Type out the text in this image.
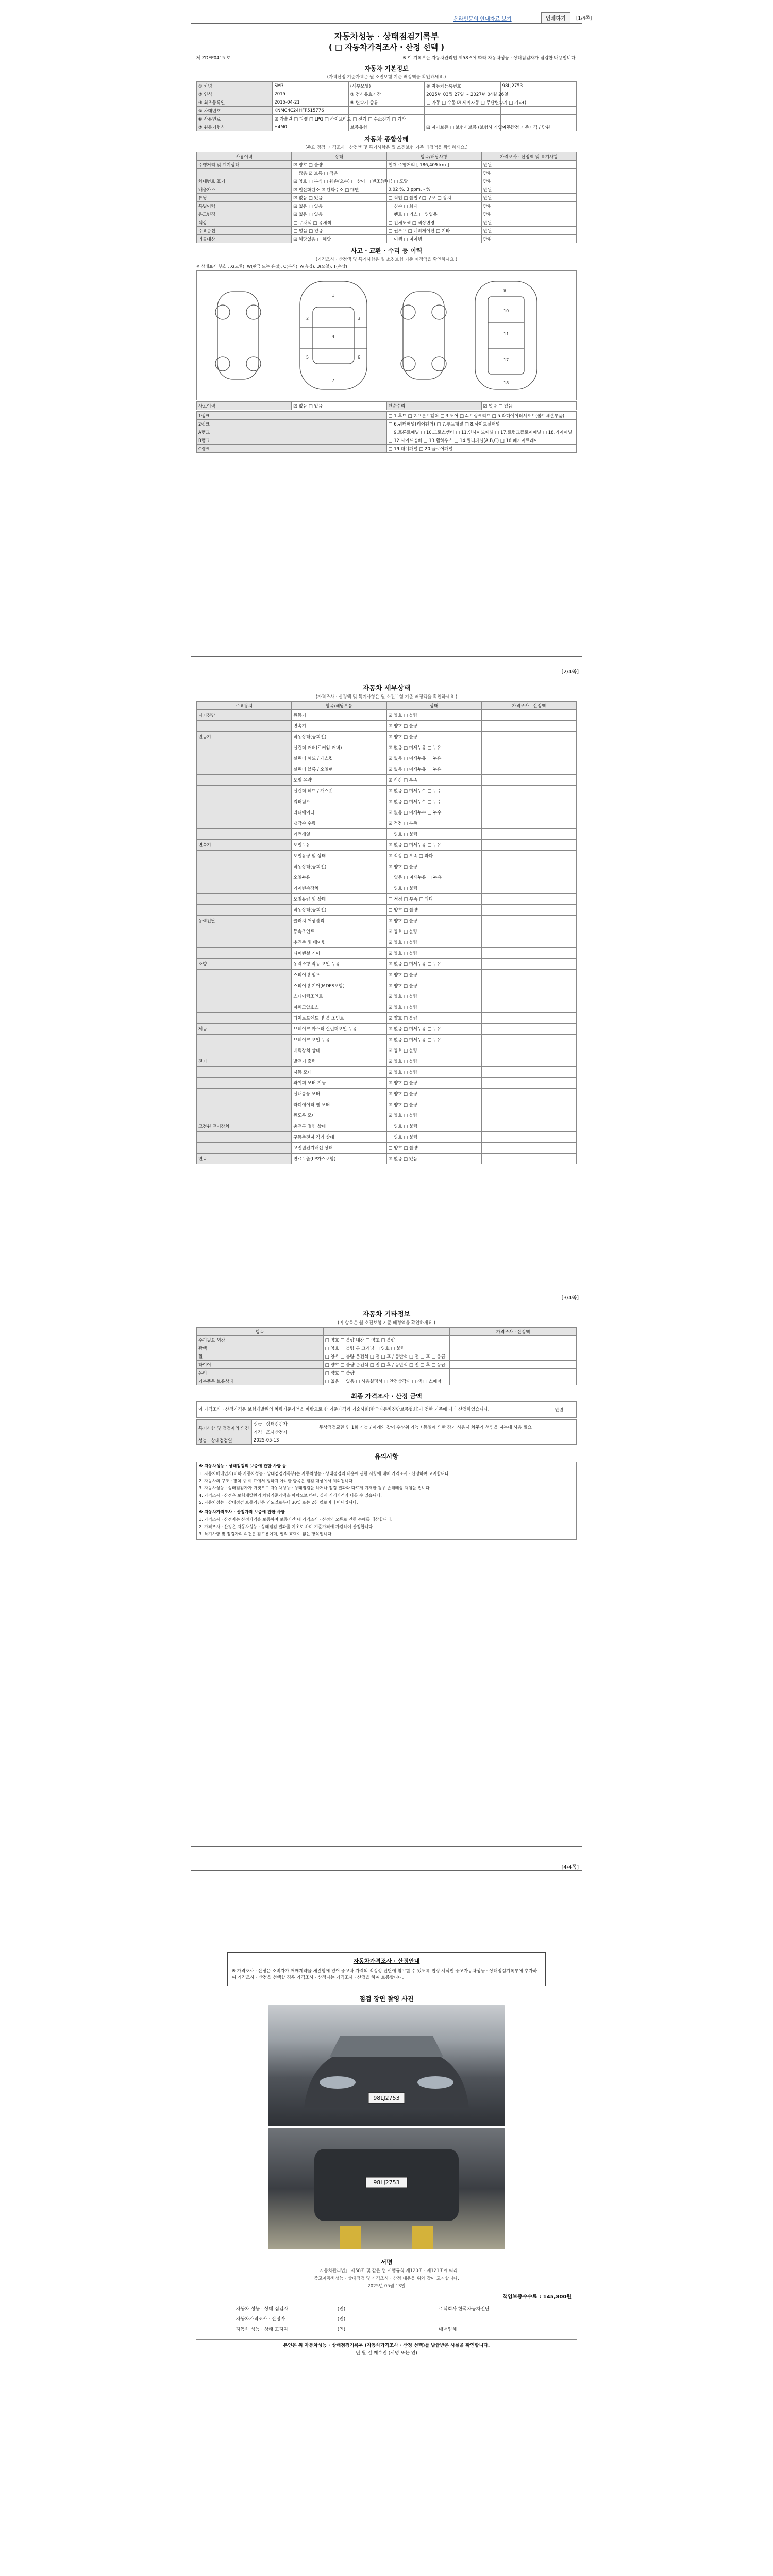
온라인문의 안내자료 보기	인쇄하기	[1/4쪽]
자동차성능 · 상태점검기록부
( □ 자동차가격조사 · 산정 선택 )
제 ZDEP0415 호	※ 이 기록부는 자동차관리법 제58조에 따라 자동차성능 · 상태점검자가 점검한 내용입니다.
자동차 기본정보
(가격산정 기준가격은 월 소진보험 기준 배정액을 확인하세요.)
① 차명	SM3	(세부모델)	⑧ 자동차등록번호	98LJ2753
② 연식	2015	③ 검사유효기간	2025년 03월 27일 ~ 2027년 04월 26일	
④ 최초등록일	2015-04-21	⑨ 변속기 종류	□ 자동 □ 수동 ☑ 세미자동 □ 무단변속기 □ 기타()	
⑤ 차대번호	KNMC4C24HFP515776			
⑥ 사용연료	☑ 가솔린 □ 디젤 □ LPG □ 하이브리드 □ 전기 □ 수소전기 □ 기타			
⑦ 원동기형식	H4M0	보증유형	☑ 자가보증 □ 보험사보증 (보험사 가입여부)	가격산정 기준가격 / 만원
자동차 종합상태
(주요 점검, 가격조사 · 산정액 및 특기사항은 월 소진보험 기준 배정액을 확인하세요.)
사용이력	상태	항목/해당사항	가격조사 · 산정액 및 특기사항
주행거리 및 계기상태	☑ 양호 □ 불량	현재 주행거리 [ 186,409 km ]	만원
	□ 많음 ☑ 보통 □ 적음		만원
차대번호 표기	☑ 양호 □ 부식 □ 훼손(오손) □ 상이 □ 변조(변타) □ 도말		만원
배출가스	☑ 일산화탄소 ☑ 탄화수소 □ 매연	0.02 %, 3 ppm, - %	만원
튜닝	☑ 없음 □ 있음	□ 적법 □ 불법 / □ 구조 □ 장치	만원
특별이력	☑ 없음 □ 있음	□ 침수 □ 화재	만원
용도변경	☑ 없음 □ 있음	□ 렌트 □ 리스 □ 영업용	만원
색상	□ 무채색 □ 유채색	□ 전체도색 □ 색상변경	만원
주요옵션	□ 없음 □ 있음	□ 썬루프 □ 네비게이션 □ 기타	만원
리콜대상	☑ 해당없음 □ 해당	□ 이행 □ 미이행	만원
사고 · 교환 · 수리 등 이력
(가격조사 · 산정액 및 특기사항은 월 소진보험 기준 배정액을 확인하세요.)
※ 상태표시 부호 : X(교환), W(판금 또는 용접), C(부식), A(흠집), U(요철), T(손상)
1
2	3
4
5	6
7
9
10
11
17
18
사고이력	☑ 없음 □ 있음	단순수리	☑ 없음 □ 있음
1랭크	□ 1.후드 □ 2.프론트휀더 □ 3.도어 □ 4.트렁크리드 □ 5.라디에이터서포트(볼트체결부품)
2랭크	□ 6.쿼터패널(리어휀더) □ 7.루프패널 □ 8.사이드실패널
A랭크	□ 9.프론트패널 □ 10.크로스멤버 □ 11.인사이드패널 □ 17.트렁크플로어패널 □ 18.리어패널
B랭크	□ 12.사이드멤버 □ 13.휠하우스 □ 14.필러패널(A,B,C) □ 16.패키지트레이
C랭크	□ 19.대쉬패널 □ 20.플로어패널
[2/4쪽]
자동차 세부상태
(가격조사 · 산정액 및 특기사항은 월 소진보험 기준 배정액을 확인하세요.)
주요장치	항목/해당부품	상태	가격조사 · 산정액
자기진단	원동기	☑ 양호 □ 불량	
	변속기	☑ 양호 □ 불량	
원동기	작동상태(공회전)	☑ 양호 □ 불량	
	실린더 커버(로커암 커버)	☑ 없음 □ 미세누유 □ 누유	
	실린더 헤드 / 개스킷	☑ 없음 □ 미세누유 □ 누유	
	실린더 블록 / 오일팬	☑ 없음 □ 미세누유 □ 누유	
	오일 유량	☑ 적정 □ 부족	
	실린더 헤드 / 개스킷	☑ 없음 □ 미세누수 □ 누수	
	워터펌프	☑ 없음 □ 미세누수 □ 누수	
	라디에이터	☑ 없음 □ 미세누수 □ 누수	
	냉각수 수량	☑ 적정 □ 부족	
	커먼레일	□ 양호 □ 불량	
변속기	오일누유	☑ 없음 □ 미세누유 □ 누유	
	오일유량 및 상태	☑ 적정 □ 부족 □ 과다	
	작동상태(공회전)	☑ 양호 □ 불량	
	오일누유	□ 없음 □ 미세누유 □ 누유	
	기어변속장치	□ 양호 □ 불량	
	오일유량 및 상태	□ 적정 □ 부족 □ 과다	
	작동상태(공회전)	□ 양호 □ 불량	
동력전달	클러치 어셈블리	☑ 양호 □ 불량	
	등속조인트	☑ 양호 □ 불량	
	추진축 및 베어링	☑ 양호 □ 불량	
	디퍼렌셜 기어	☑ 양호 □ 불량	
조향	동력조향 작동 오일 누유	☑ 없음 □ 미세누유 □ 누유	
	스티어링 펌프	☑ 양호 □ 불량	
	스티어링 기어(MDPS포함)	☑ 양호 □ 불량	
	스티어링조인트	☑ 양호 □ 불량	
	파워고압호스	☑ 양호 □ 불량	
	타이로드엔드 및 볼 조인트	☑ 양호 □ 불량	
제동	브레이크 마스터 실린더오일 누유	☑ 없음 □ 미세누유 □ 누유	
	브레이크 오일 누유	☑ 없음 □ 미세누유 □ 누유	
	배력장치 상태	☑ 양호 □ 불량	
전기	발전기 출력	☑ 양호 □ 불량	
	시동 모터	☑ 양호 □ 불량	
	와이퍼 모터 기능	☑ 양호 □ 불량	
	실내송풍 모터	☑ 양호 □ 불량	
	라디에이터 팬 모터	☑ 양호 □ 불량	
	윈도우 모터	☑ 양호 □ 불량	
고전원 전기장치	충전구 절연 상태	□ 양호 □ 불량	
	구동축전지 격리 상태	□ 양호 □ 불량	
	고전원전기배선 상태	□ 양호 □ 불량	
연료	연료누출(LP가스포함)	☑ 없음 □ 있음	
[3/4쪽]
자동차 기타정보
(이 항목은 월 소진보험 기준 배정액을 확인하세요.)
항목		가격조사 · 산정액
수리필요 외장	□ 양호 □ 불량 내장 □ 양호 □ 불량	
광택	□ 양호 □ 불량 룸 크리닝 □ 양호 □ 불량	
휠	□ 양호 □ 불량 운전석 □ 전 □ 후 / 동반석 □ 전 □ 후 □ 응급	
타이어	□ 양호 □ 불량 운전석 □ 전 □ 후 / 동반석 □ 전 □ 후 □ 응급	
유리	□ 양호 □ 불량	
기본품목 보유상태	□ 없음 □ 있음 □ 사용설명서 □ 안전삼각대 □ 잭 □ 스패너	
최종 가격조사 · 산정 금액
이 가격조사 · 산정가격은 보험개발원의 차량기준가액을 바탕으로 한 기준가격과 기술사회(한국자동차진단보증협회)가 정한 기준에 따라 산정하였습니다.	만원
특기사항 및 점검자의 의견	성능 · 상태점검자	무상점검교환 연 1회 가능 / 아래와 같이 우상위 가능 / 동일에 의한 장기 사용시 차주가 책임을 지는데 사용 필요
	가격 · 조사산정자	
성능 · 상태점검일	2025-05-13	
유의사항
※ 자동차성능 · 상태점검의 보증에 관한 사항 등

1. 자동차매매업자(이하 자동차성능 · 상태점검기록부)는 자동차성능 · 상태점검의 내용에 관한 사항에 대해 가격조사 · 산정하여 고지합니다.

2. 자동차의 구조 · 장치 중 이 표에서 정하지 아니한 항목은 점검 대상에서 제외됩니다.

3. 자동차성능 · 상태점검자가 거짓으로 자동차성능 · 상태점검을 하거나 점검 결과와 다르게 기재한 경우 손해배상 책임을 집니다.

4. 가격조사 · 산정은 보험개발원의 차량기준가액을 바탕으로 하며, 실제 거래가격과 다를 수 있습니다.

5. 자동차성능 · 상태점검 보증기간은 인도일로부터 30일 또는 2천 킬로미터 이내입니다.

※ 자동차가격조사 · 산정가격 보증에 관한 사항

1. 가격조사 · 산정자는 산정가격을 보증하며 보증기간 내 가격조사 · 산정의 오류로 인한 손해를 배상합니다.

2. 가격조사 · 산정은 자동차성능 · 상태점검 결과를 기초로 하며 기준가격에 가감하여 산정합니다.

3. 특기사항 및 점검자의 의견은 참고용이며, 법적 효력이 없는 항목입니다.

[4/4쪽]
자동차가격조사 · 산정안내
※ 가격조사 · 산정은 소비자가 매매계약을 체결함에 있어 중고차 가격의 적정성 판단에 참고할 수 있도록 법정 서식인 중고자동차성능 · 상태점검기록부에 추가하여 가격조사 · 산정을 선택할 경우 가격조사 · 산정자는 가격조사 · 산정을 하여 보증합니다.
점검 장면 촬영 사진
98LJ2753
98LJ2753
서명
「자동차관리법」 제58조 및 같은 법 시행규칙 제120조 · 제121조에 따라
중고자동차성능 · 상태점검 및 가격조사 · 산정 내용을 위와 같이 고지합니다.
2025년 05월 13일
책임보증수수료 : 145,800원
자동차 성능 · 상태 점검자	(인)	주식회사 한국자동차진단
자동차가격조사 · 산정자	(인)	
자동차 성능 · 상태 고지자	(인)	매매업체
본인은 위 자동차성능 · 상태점검기록부 (자동차가격조사 · 산정 선택)를 발급받은 사실을 확인합니다.
년 월 일 매수인 (서명 또는 인)
